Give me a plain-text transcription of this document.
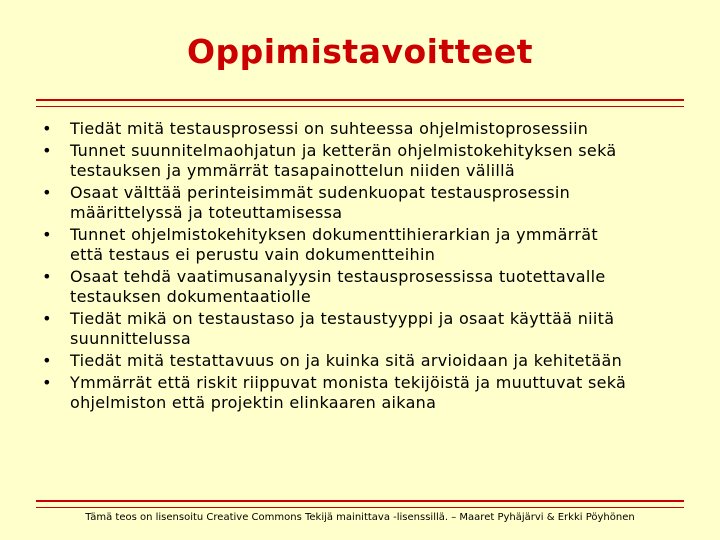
Oppimistavoitteet
• Tiedät mitä testausprosessi on suhteessa ohjelmistoprosessiin
• Tunnet suunnitelmaohjatun ja ketterän ohjelmistokehityksen sekä
testauksen ja ymmärrät tasapainottelun niiden välillä
• Osaat välttää perinteisimmät sudenkuopat testausprosessin
määrittelyssä ja toteuttamisessa
• Tunnet ohjelmistokehityksen dokumenttihierarkian ja ymmärrät
että testaus ei perustu vain dokumentteihin
• Osaat tehdä vaatimusanalyysin testausprosessissa tuotettavalle
testauksen dokumentaatiolle
• Tiedät mikä on testaustaso ja testaustyyppi ja osaat käyttää niitä
suunnittelussa
• Tiedät mitä testattavuus on ja kuinka sitä arvioidaan ja kehitetään
• Ymmärrät että riskit riippuvat monista tekijöistä ja muuttuvat sekä
ohjelmiston että projektin elinkaaren aikana
Tämä teos on lisensoitu Creative Commons Tekijä mainittava -lisenssillä. – Maaret Pyhäjärvi & Erkki Pöyhönen
